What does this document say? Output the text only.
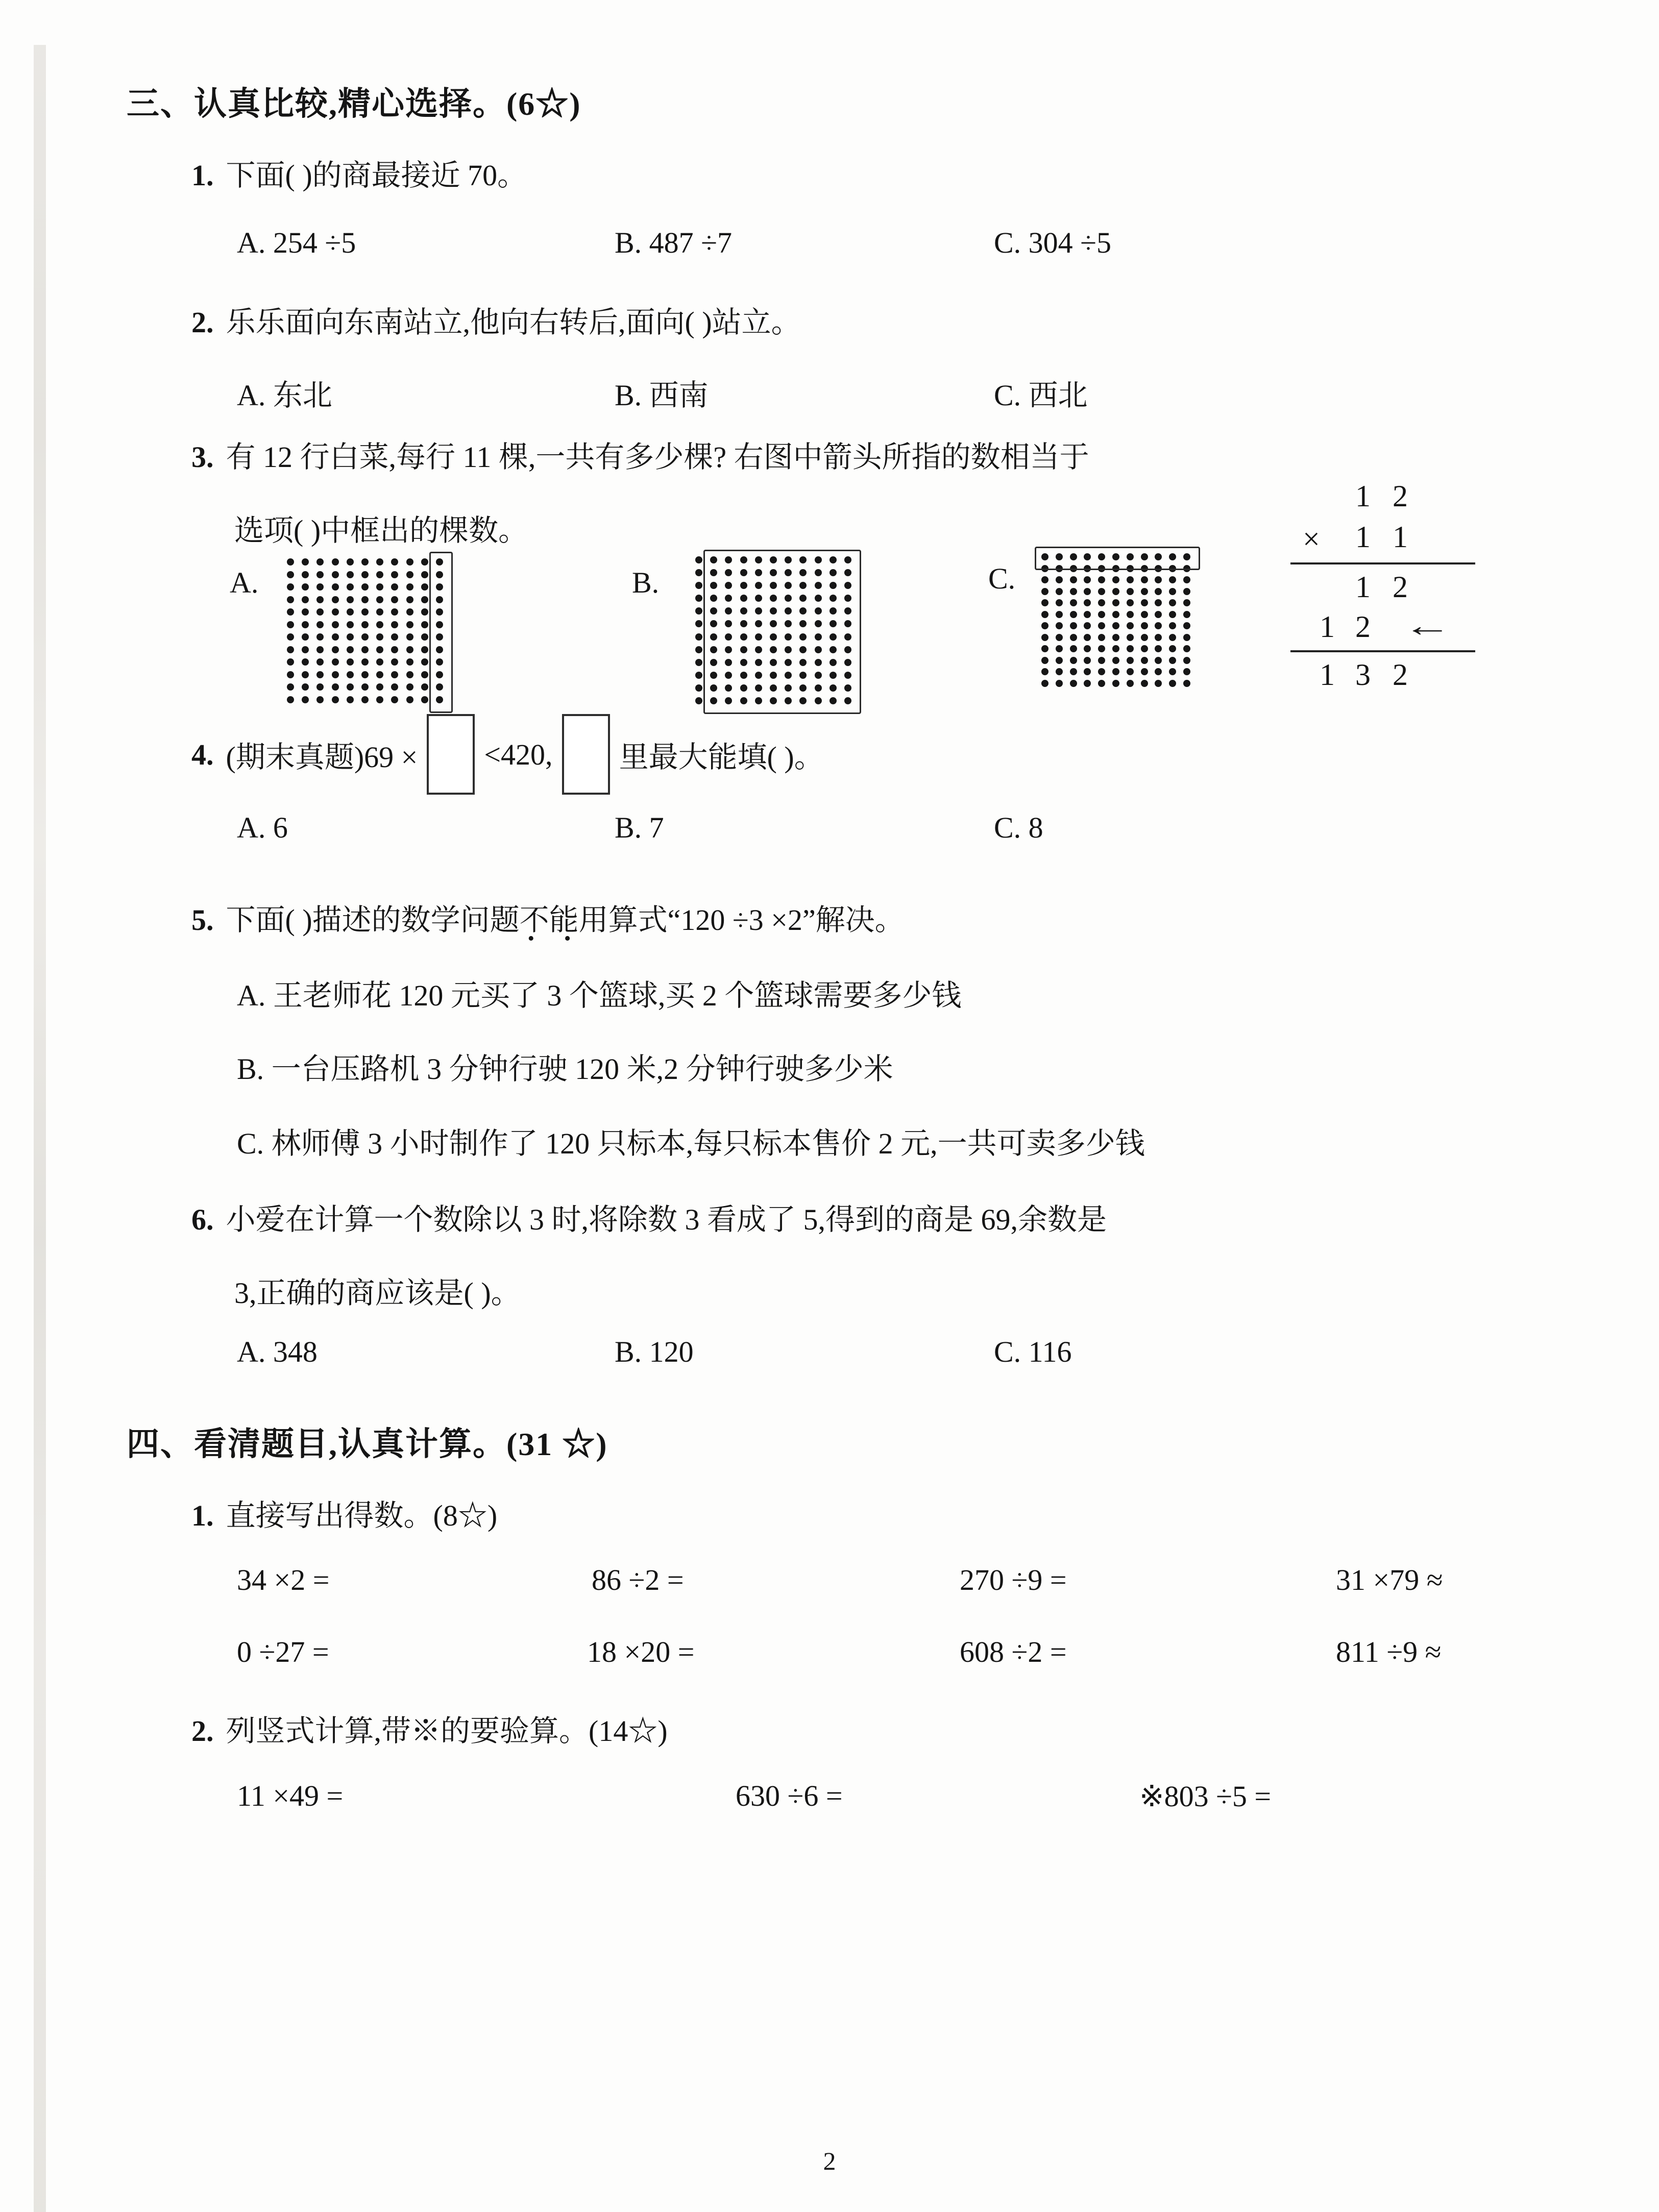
三、认真比较,精心选择。(6☆)
1. 下面( )的商最接近 70。
A. 254 ÷5	B. 487 ÷7	C. 304 ÷5
2. 乐乐面向东南站立,他向右转后,面向( )站立。
A. 东北	B. 西南	C. 西北
3. 有 12 行白菜,每行 11 棵,一共有多少棵? 右图中箭头所指的数相当于
选项( )中框出的棵数。
A.	B.	C.
1 2
× 1 1
1 2
1 2 ←
1 3 2
4. (期末真题)69 × <420, 里最大能填( )。
A. 6	B. 7	C. 8
5. 下面( )描述的数学问题不能
••
用算式“120 ÷3 ×2”解决。
A. 王老师花 120 元买了 3 个篮球,买 2 个篮球需要多少钱
B. 一台压路机 3 分钟行驶 120 米,2 分钟行驶多少米
C. 林师傅 3 小时制作了 120 只标本,每只标本售价 2 元,一共可卖多少钱
6. 小爱在计算一个数除以 3 时,将除数 3 看成了 5,得到的商是 69,余数是
3,正确的商应该是( )。
A. 348	B. 120	C. 116
四、看清题目,认真计算。(31 ☆)
1. 直接写出得数。(8☆)
34 ×2 =	86 ÷2 =	270 ÷9 =	31 ×79 ≈
0 ÷27 =	18 ×20 =	608 ÷2 =	811 ÷9 ≈
2. 列竖式计算,带※的要验算。(14☆)
11 ×49 =	630 ÷6 =	※803 ÷5 =
2
